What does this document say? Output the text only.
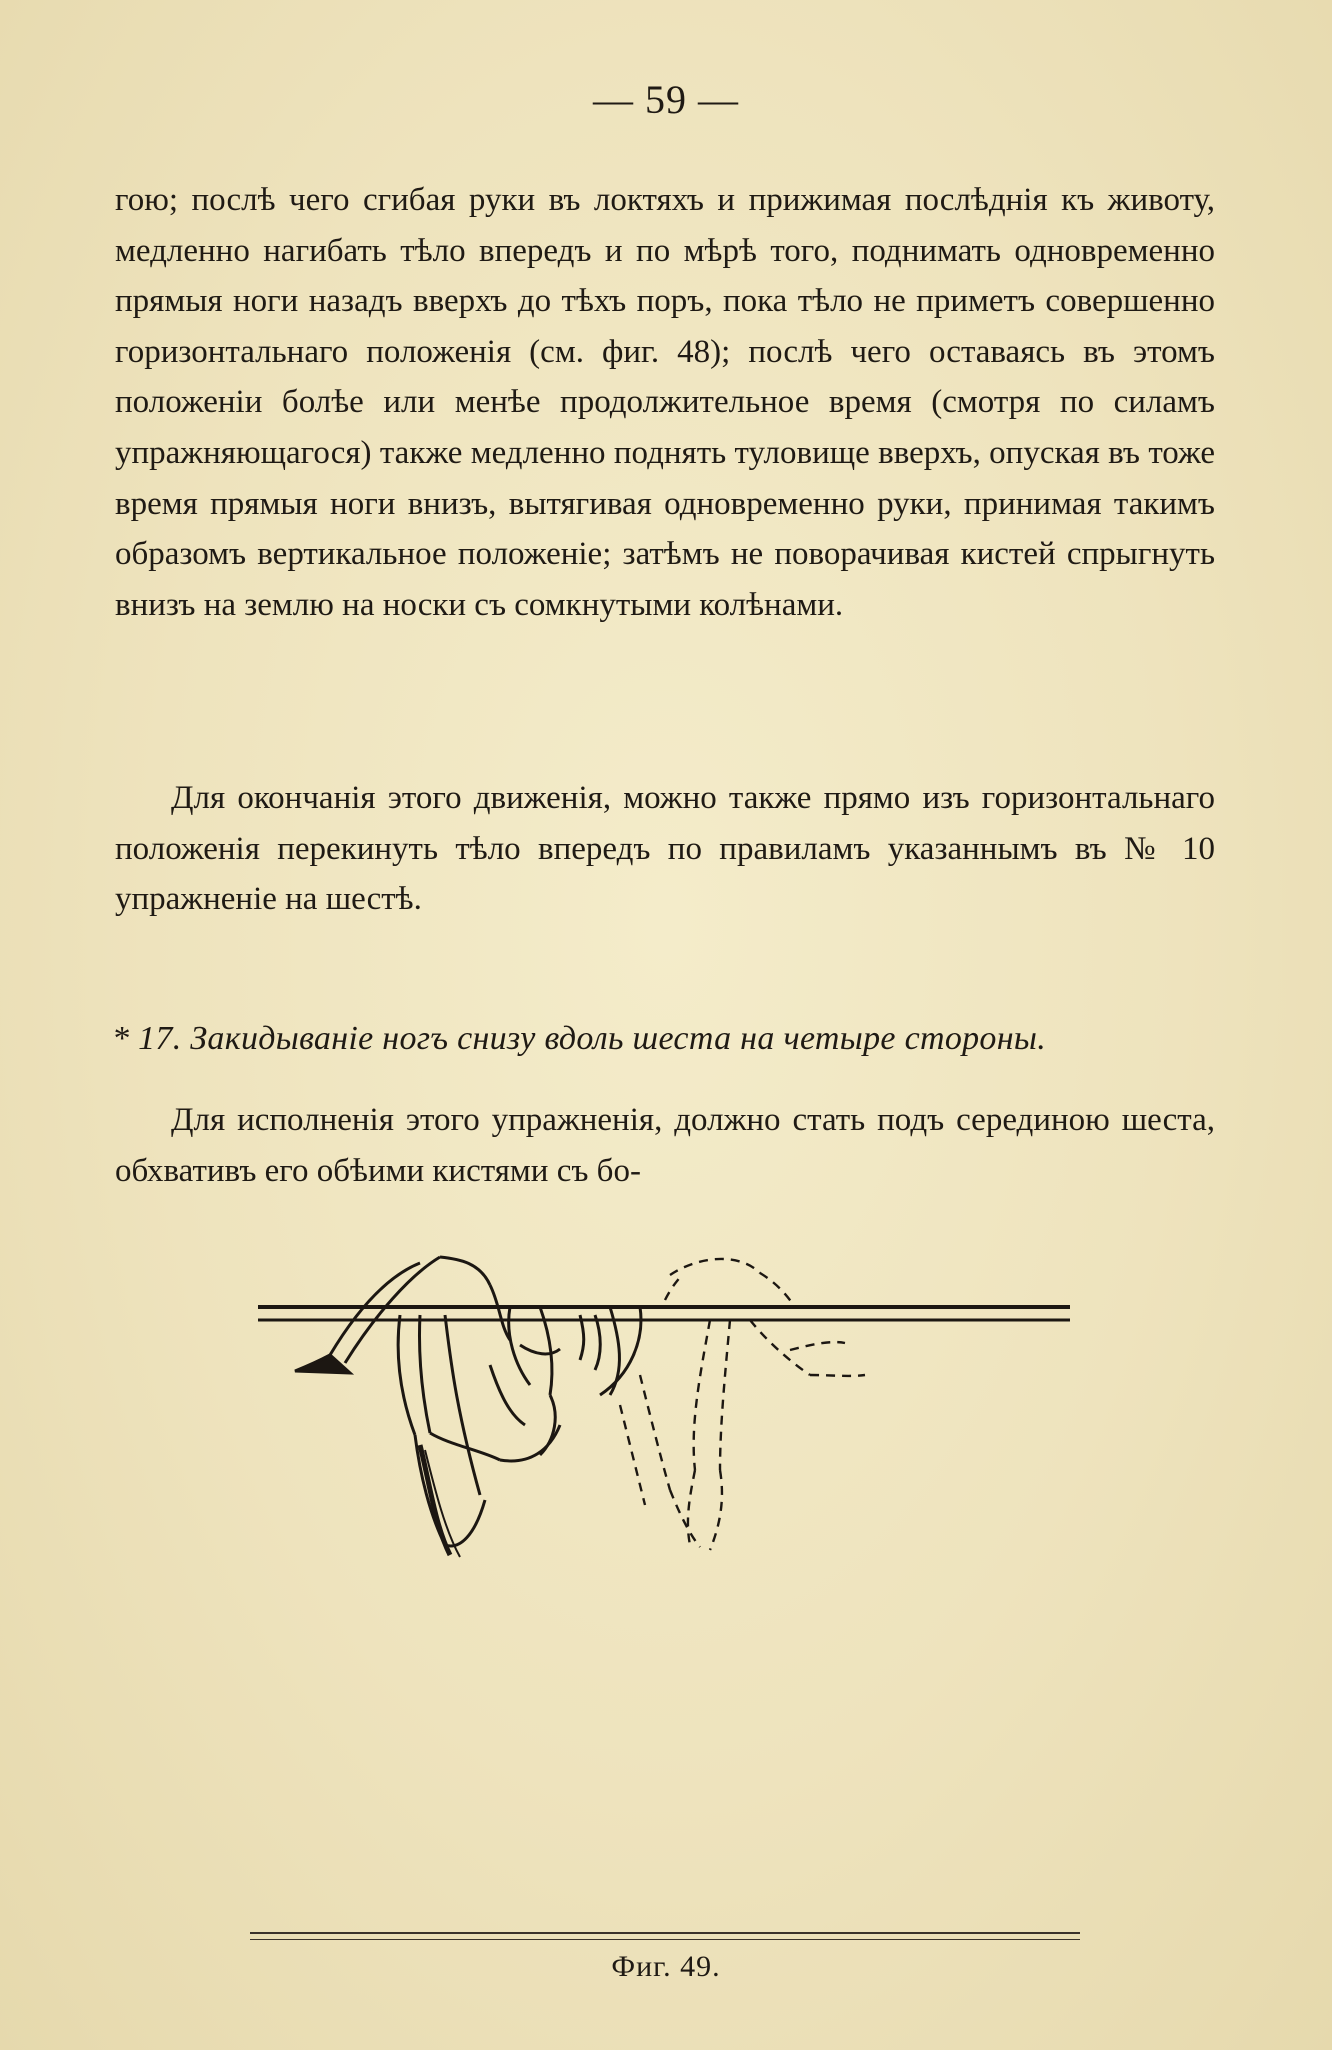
— 59 —

гою; послѣ чего сгибая руки въ локтяхъ и прижимая послѣднія къ животу, медленно нагибать тѣло впередъ и по мѣрѣ того, поднимать одновременно прямыя ноги назадъ вверхъ до тѣхъ поръ, пока тѣло не приметъ совершенно горизонтальнаго положенія (см. фиг. 48); послѣ чего оставаясь въ этомъ положеніи болѣе или менѣе продолжительное время (смотря по силамъ упражняющагося) также медленно поднять туловище вверхъ, опуская въ тоже время прямыя ноги внизъ, вытягивая одновременно руки, принимая такимъ образомъ вертикальное положеніе; затѣмъ не поворачивая кистей спрыгнуть внизъ на землю на носки съ сомкнутыми колѣнами.

Для окончанія этого движенія, можно также прямо изъ горизонтальнаго положенія перекинуть тѣло впередъ по правиламъ указаннымъ въ № 10 упражненіе на шестѣ.

* 17. Закидываніе ногъ снизу вдоль шеста на четыре стороны.

Для исполненія этого упражненія, должно стать подъ серединою шеста, обхвативъ его обѣими кистями съ бо-

Фиг. 49.
